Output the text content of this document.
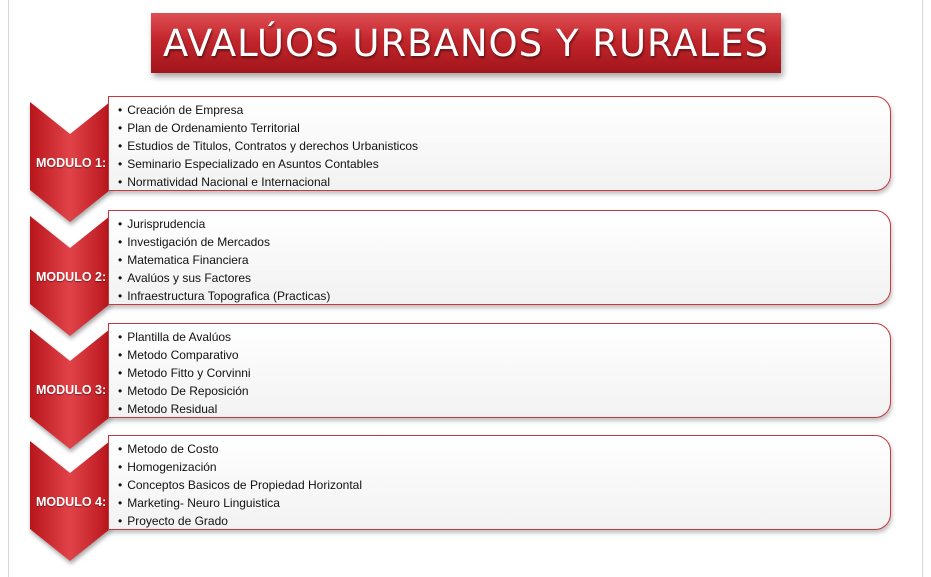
AVALÚOS URBANOS Y RURALES
MODULO 1:
• Creación de Empresa
• Plan de Ordenamiento Territorial
• Estudios de Titulos, Contratos y derechos Urbanisticos
• Seminario Especializado en Asuntos Contables
• Normatividad Nacional e Internacional
MODULO 2:
• Jurisprudencia
• Investigación de Mercados
• Matematica Financiera
• Avalúos y sus Factores
• Infraestructura Topografica (Practicas)
MODULO 3:
• Plantilla de Avalúos
• Metodo Comparativo
• Metodo Fitto y Corvinni
• Metodo De Reposición
• Metodo Residual
MODULO 4:
• Metodo de Costo
• Homogenización
• Conceptos Basicos de Propiedad Horizontal
• Marketing- Neuro Linguistica
• Proyecto de Grado
